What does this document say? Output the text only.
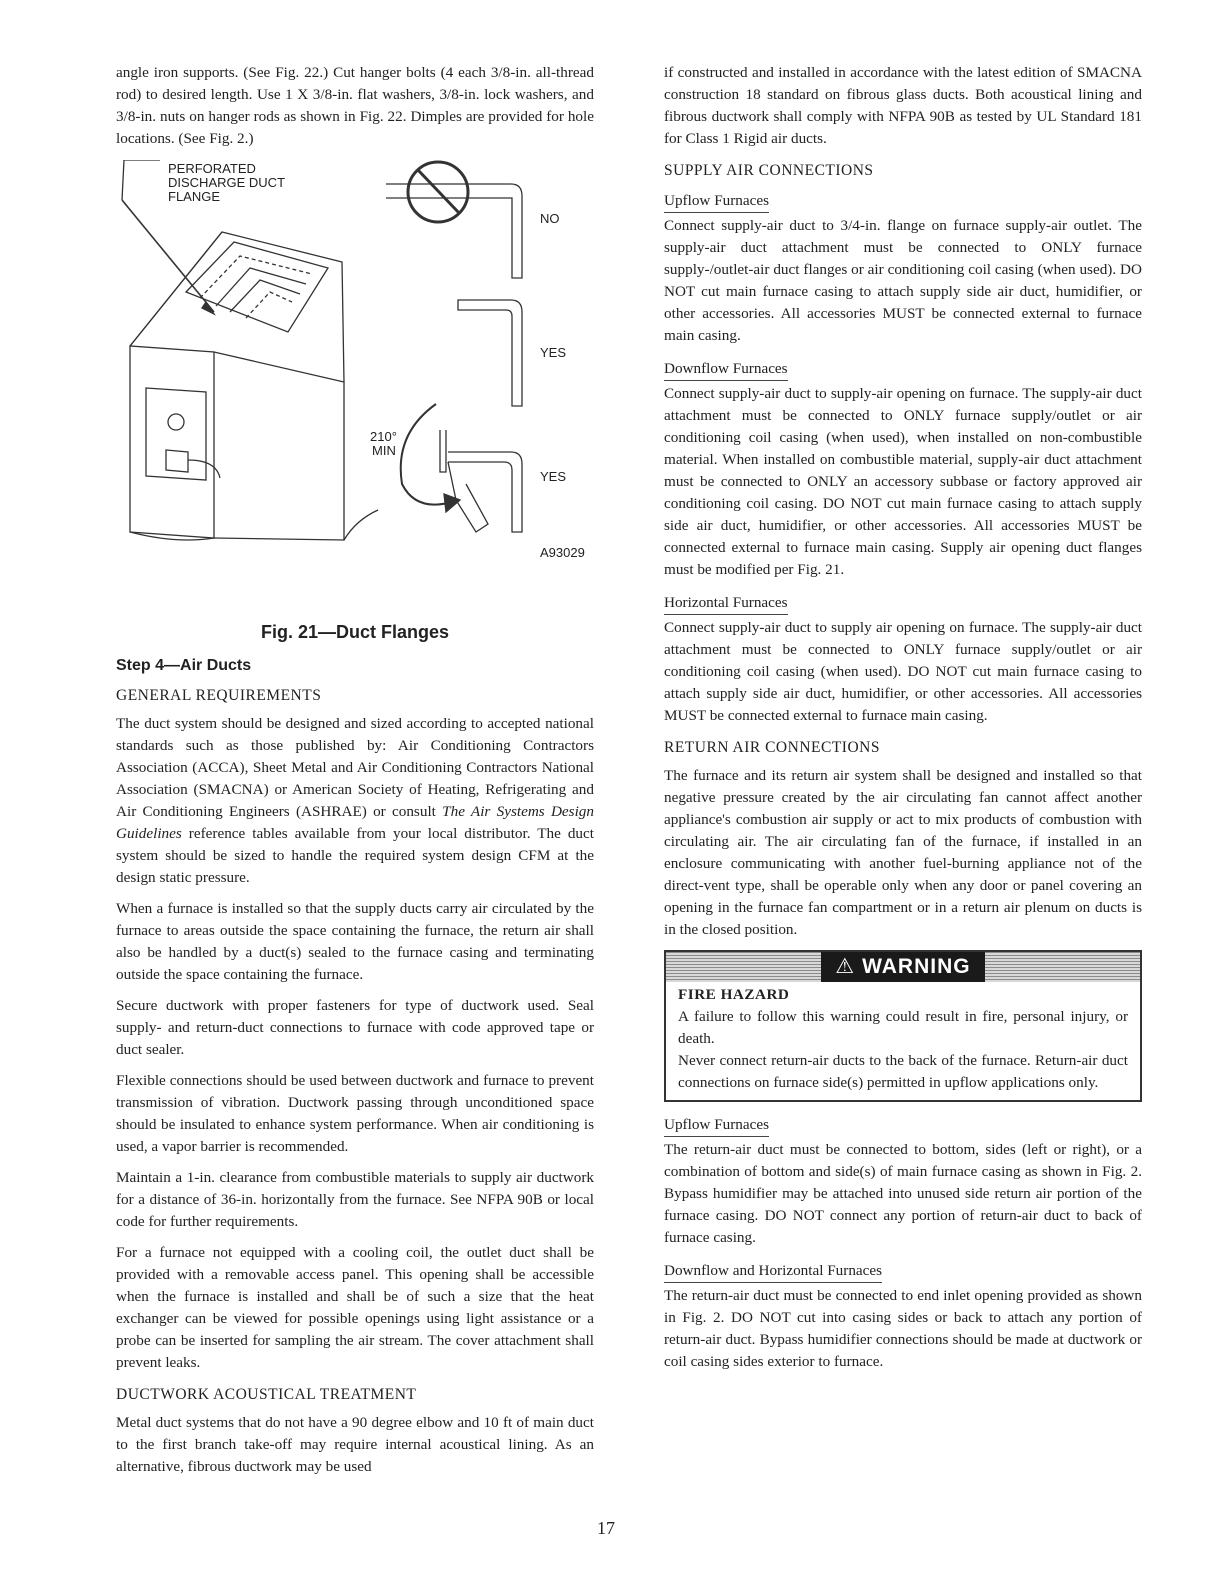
angle iron supports. (See Fig. 22.) Cut hanger bolts (4 each 3/8-in. all-thread rod) to desired length. Use 1 X 3/8-in. flat washers, 3/8-in. lock washers, and 3/8-in. nuts on hanger rods as shown in Fig. 22. Dimples are provided for hole locations. (See Fig. 2.)

PERFORATED
DISCHARGE DUCT
FLANGE
NO
YES
YES
210°
MIN
A93029
Fig. 21—Duct Flanges
Step 4—Air Ducts
GENERAL REQUIREMENTS

The duct system should be designed and sized according to accepted national standards such as those published by: Air Conditioning Contractors Association (ACCA), Sheet Metal and Air Conditioning Contractors National Association (SMACNA) or American Society of Heating, Refrigerating and Air Conditioning Engineers (ASHRAE) or consult The Air Systems Design Guidelines reference tables available from your local distributor. The duct system should be sized to handle the required system design CFM at the design static pressure.

When a furnace is installed so that the supply ducts carry air circulated by the furnace to areas outside the space containing the furnace, the return air shall also be handled by a duct(s) sealed to the furnace casing and terminating outside the space containing the furnace.

Secure ductwork with proper fasteners for type of ductwork used. Seal supply- and return-duct connections to furnace with code approved tape or duct sealer.

Flexible connections should be used between ductwork and furnace to prevent transmission of vibration. Ductwork passing through unconditioned space should be insulated to enhance system performance. When air conditioning is used, a vapor barrier is recommended.

Maintain a 1-in. clearance from combustible materials to supply air ductwork for a distance of 36-in. horizontally from the furnace. See NFPA 90B or local code for further requirements.

For a furnace not equipped with a cooling coil, the outlet duct shall be provided with a removable access panel. This opening shall be accessible when the furnace is installed and shall be of such a size that the heat exchanger can be viewed for possible openings using light assistance or a probe can be inserted for sampling the air stream. The cover attachment shall prevent leaks.

DUCTWORK ACOUSTICAL TREATMENT

Metal duct systems that do not have a 90 degree elbow and 10 ft of main duct to the first branch take-off may require internal acoustical lining. As an alternative, fibrous ductwork may be used

if constructed and installed in accordance with the latest edition of SMACNA construction 18 standard on fibrous glass ducts. Both acoustical lining and fibrous ductwork shall comply with NFPA 90B as tested by UL Standard 181 for Class 1 Rigid air ducts.

SUPPLY AIR CONNECTIONS
Upflow Furnaces

Connect supply-air duct to 3/4-in. flange on furnace supply-air outlet. The supply-air duct attachment must be connected to ONLY furnace supply-/outlet-air duct flanges or air conditioning coil casing (when used). DO NOT cut main furnace casing to attach supply side air duct, humidifier, or other accessories. All accessories MUST be connected external to furnace main casing.

Downflow Furnaces

Connect supply-air duct to supply-air opening on furnace. The supply-air duct attachment must be connected to ONLY furnace supply/outlet or air conditioning coil casing (when used), when installed on non-combustible material. When installed on combustible material, supply-air duct attachment must be connected to ONLY an accessory subbase or factory approved air conditioning coil casing. DO NOT cut main furnace casing to attach supply side air duct, humidifier, or other accessories. All accessories MUST be connected external to furnace main casing. Supply air opening duct flanges must be modified per Fig. 21.

Horizontal Furnaces

Connect supply-air duct to supply air opening on furnace. The supply-air duct attachment must be connected to ONLY furnace supply/outlet or air conditioning coil casing (when used). DO NOT cut main furnace casing to attach supply side air duct, humidifier, or other accessories. All accessories MUST be connected external to furnace main casing.

RETURN AIR CONNECTIONS

The furnace and its return air system shall be designed and installed so that negative pressure created by the air circulating fan cannot affect another appliance's combustion air supply or act to mix products of combustion with circulating air. The air circulating fan of the furnace, if installed in an enclosure communicating with another fuel-burning appliance not of the direct-vent type, shall be operable only when any door or panel covering an opening in the furnace fan compartment or in a return air plenum on ducts is in the closed position.

⚠ WARNING
FIRE HAZARD

A failure to follow this warning could result in fire, personal injury, or death.

Never connect return-air ducts to the back of the furnace. Return-air duct connections on furnace side(s) permitted in upflow applications only.

Upflow Furnaces

The return-air duct must be connected to bottom, sides (left or right), or a combination of bottom and side(s) of main furnace casing as shown in Fig. 2. Bypass humidifier may be attached into unused side return air portion of the furnace casing. DO NOT connect any portion of return-air duct to back of furnace casing.

Downflow and Horizontal Furnaces

The return-air duct must be connected to end inlet opening provided as shown in Fig. 2. DO NOT cut into casing sides or back to attach any portion of return-air duct. Bypass humidifier connections should be made at ductwork or coil casing sides exterior to furnace.

17
